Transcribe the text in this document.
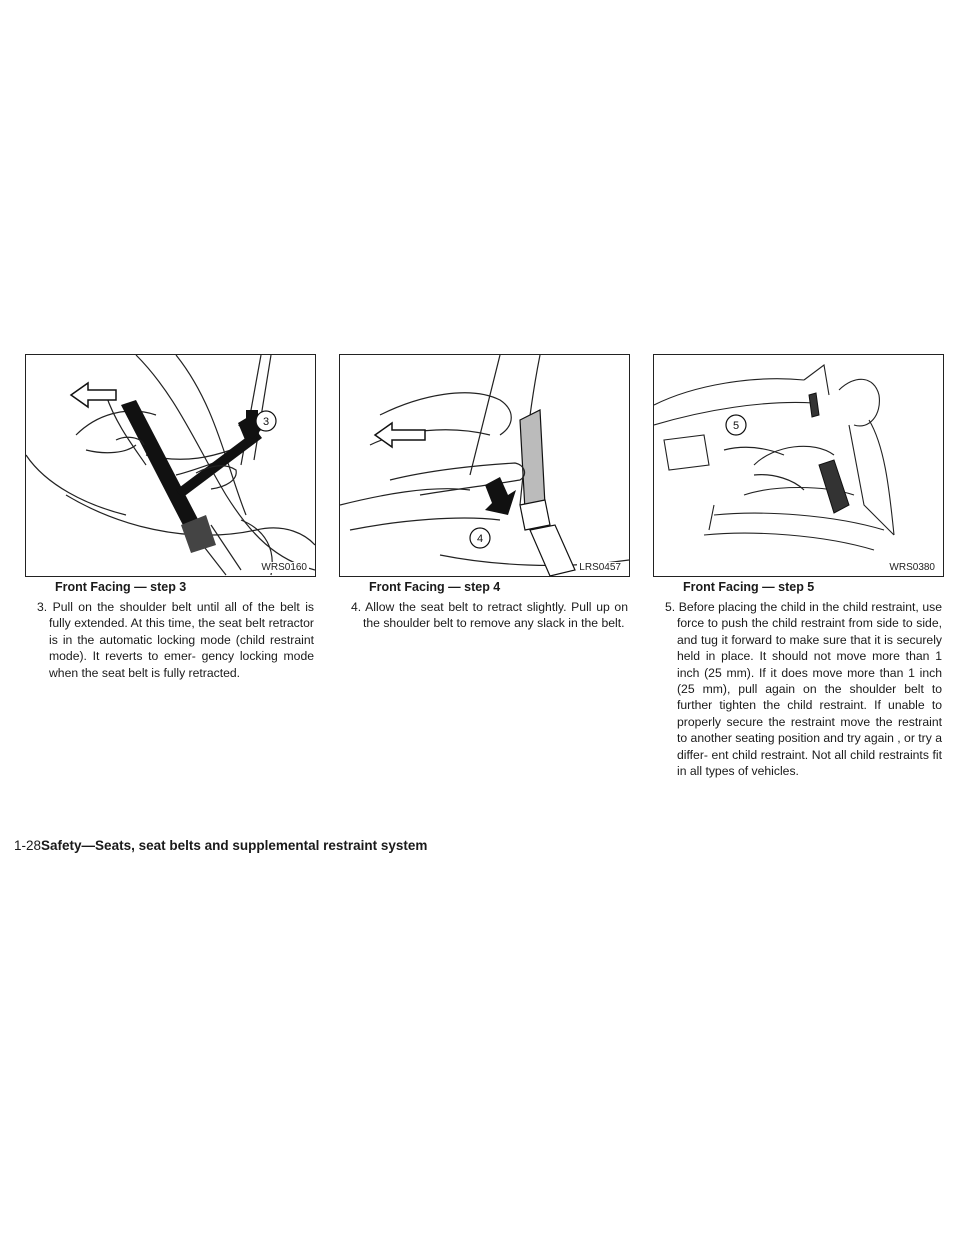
3
WRS0160
Front Facing — step 3
3. Pull on the shoulder belt until all of the belt is fully extended. At this time, the seat belt retractor is in the automatic locking mode (child restraint mode). It reverts to emer- gency locking mode when the seat belt is fully retracted.
4
LRS0457
Front Facing — step 4
4. Allow the seat belt to retract slightly. Pull up on the shoulder belt to remove any slack in the belt.
5
WRS0380
Front Facing — step 5
5. Before placing the child in the child restraint, use force to push the child restraint from side to side, and tug it forward to make sure that it is securely held in place. It should not move more than 1 inch (25 mm). If it does move more than 1 inch (25 mm), pull again on the shoulder belt to further tighten the child restraint. If unable to properly secure the restraint move the restraint to another seating position and try again , or try a differ- ent child restraint. Not all child restraints fit in all types of vehicles.
1-28Safety—Seats, seat belts and supplemental restraint system
